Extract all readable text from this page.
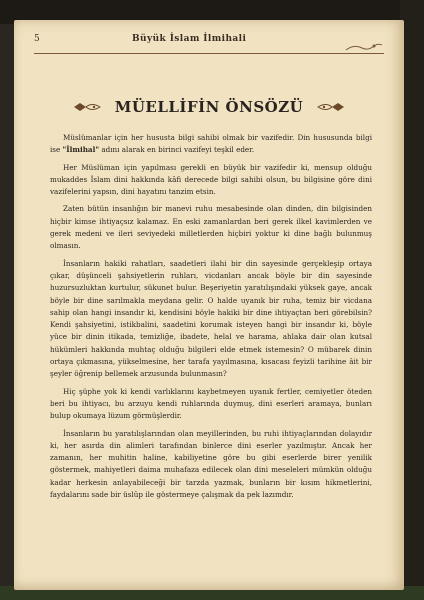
5	Büyük İslam İlmihali
MÜELLİFİN ÖNSÖZÜ

Müslümanlar için her hususta bilgi sahibi olmak bir vazifedir. Din hususunda bilgi ise "İlmihal" adını alarak en birinci vazifeyi teşkil eder.

Her Müslüman için yapılması gerekli en büyük bir vazifedir ki, mensup olduğu mukaddes İslam dini hakkında kâfi derecede bilgi sahibi olsun, bu bilgisine göre dini vazifelerini yapsın, dini hayatını tanzim etsin.

Zaten bütün insanlığın bir manevi ruhu mesabesinde olan dinden, din bilgisinden hiçbir kimse ihtiyaçsız kalamaz. En eski zamanlardan beri gerek ilkel kavimlerden ve gerek medeni ve ileri seviyedeki milletlerden hiçbiri yoktur ki dine bağlı bulunmuş olmasın.

İnsanların hakiki rahatları, saadetleri ilahi bir din sayesinde gerçekleşip ortaya çıkar, düşünceli şahsiyetlerin ruhları, vicdanları ancak böyle bir din sayesinde huzursuzluktan kurtulur, sükunet bulur. Beşeriyetin yaratılışındaki yüksek gaye, ancak böyle bir dine sarılmakla meydana gelir. O halde uyanık bir ruha, temiz bir vicdana sahip olan hangi insandır ki, kendisini böyle hakiki bir dine ihtiyaçtan beri görebilsin? Kendi şahsiyetini, istikbalini, saadetini korumak isteyen hangi bir insandır ki, böyle yüce bir dinin itikada, temizliğe, ibadete, helal ve harama, ahlaka dair olan kutsal hükümleri hakkında muhtaç olduğu bilgileri elde etmek istemesin? O mübarek dinin ortaya çıkmasına, yükselmesine, her tarafa yayılmasına, kısacası feyizli tarihine âit bir şeyler öğrenip bellemek arzusunda bulunmasın?

Hiç şüphe yok ki kendi varlıklarını kaybetmeyen uyanık fertler, cemiyetler öteden beri bu ihtiyacı, bu arzuyu kendi ruhlarında duymuş, dini eserleri aramaya, bunları bulup okumaya lüzum görmüşlerdir.

İnsanların bu yaratılışlarından olan meyillerinden, bu ruhi ihtiyaçlarından dolayıdır ki, her asırda din alimleri tarafından binlerce dini eserler yazılmıştır. Ancak her zamanın, her muhitin haline, kabiliyetine göre bu gibi eserlerde birer yenilik göstermek, mahiyetleri daima muhafaza edilecek olan dini meseleleri mümkün olduğu kadar herkesin anlayabileceği bir tarzda yazmak, bunların bir kısım hikmetlerini, faydalarını sade bir üslûp ile göstermeye çalışmak da pek lazımdır.
